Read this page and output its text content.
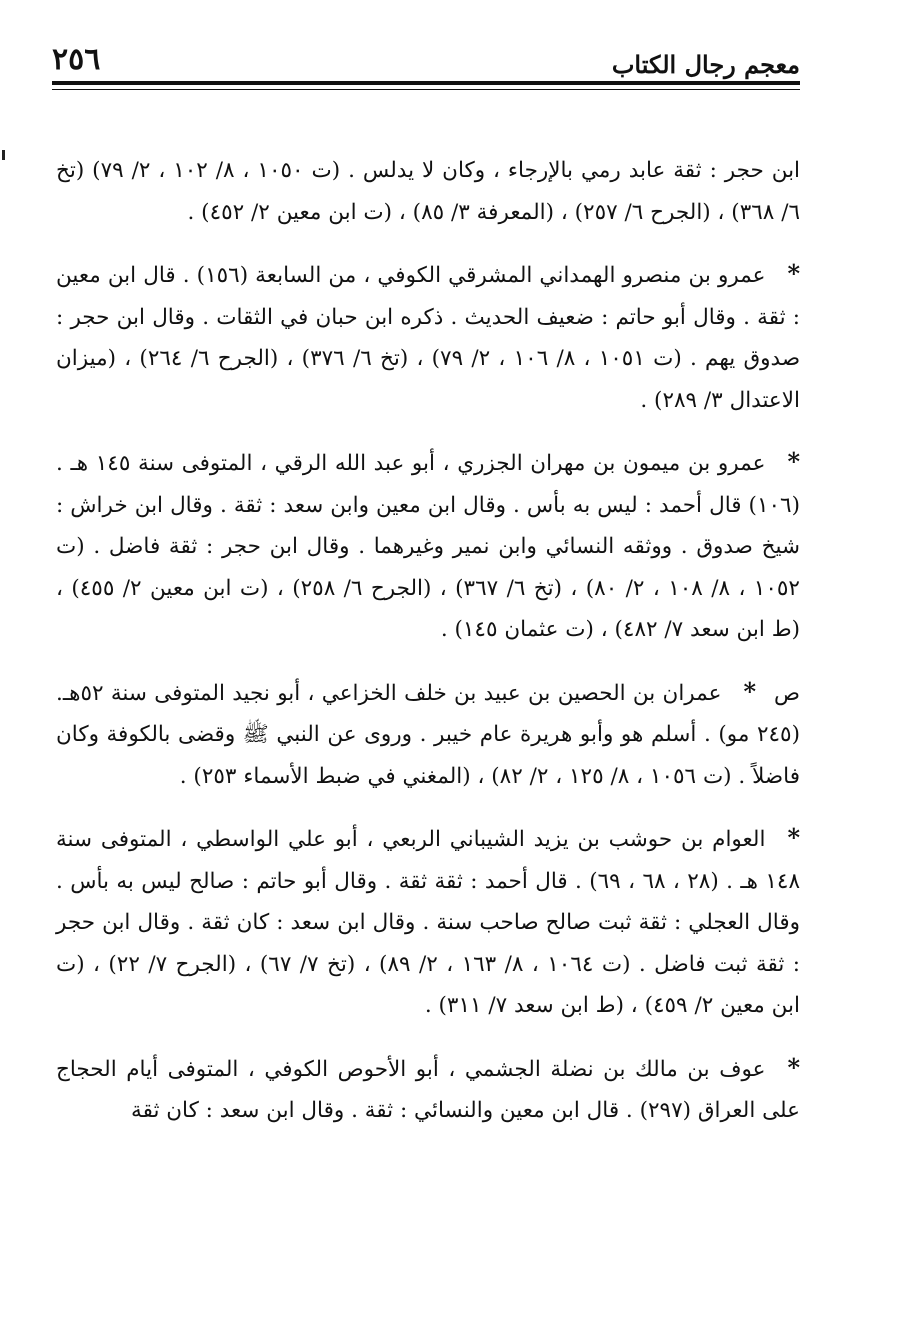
٢٥٦	معجم رجال الكتاب

ابن حجر : ثقة عابد رمي بالإرجاء ، وكان لا يدلس . (ت ١٠٥٠ ، ٨/ ١٠٢ ، ٢/ ٧٩) (تخ ٦/ ٣٦٨) ، (الجرح ٦/ ٢٥٧) ، (المعرفة ٣/ ٨٥) ، (ت ابن معين ٢/ ٤٥٢) .

*عمرو بن منصرو الهمداني المشرقي الكوفي ، من السابعة (١٥٦) . قال ابن معين : ثقة . وقال أبو حاتم : ضعيف الحديث . ذكره ابن حبان في الثقات . وقال ابن حجر : صدوق يهم . (ت ١٠٥١ ، ٨/ ١٠٦ ، ٢/ ٧٩) ، (تخ ٦/ ٣٧٦) ، (الجرح ٦/ ٢٦٤) ، (ميزان الاعتدال ٣/ ٢٨٩) .

*عمرو بن ميمون بن مهران الجزري ، أبو عبد الله الرقي ، المتوفى سنة ١٤٥ هـ . (١٠٦) قال أحمد : ليس به بأس . وقال ابن معين وابن سعد : ثقة . وقال ابن خراش : شيخ صدوق . ووثقه النسائي وابن نمير وغيرهما . وقال ابن حجر : ثقة فاضل . (ت ١٠٥٢ ، ٨/ ١٠٨ ، ٢/ ٨٠) ، (تخ ٦/ ٣٦٧) ، (الجرح ٦/ ٢٥٨) ، (ت ابن معين ٢/ ٤٥٥) ، (ط ابن سعد ٧/ ٤٨٢) ، (ت عثمان ١٤٥) .

ص*عمران بن الحصين بن عبيد بن خلف الخزاعي ، أبو نجيد المتوفى سنة ٥٢هـ. (٢٤٥ مو) . أسلم هو وأبو هريرة عام خيبر . وروى عن النبي ﷺ وقضى بالكوفة وكان فاضلاً . (ت ١٠٥٦ ، ٨/ ١٢٥ ، ٢/ ٨٢) ، (المغني في ضبط الأسماء ٢٥٣) .

*العوام بن حوشب بن يزيد الشيباني الربعي ، أبو علي الواسطي ، المتوفى سنة ١٤٨ هـ . (٢٨ ، ٦٨ ، ٦٩) . قال أحمد : ثقة ثقة . وقال أبو حاتم : صالح ليس به بأس . وقال العجلي : ثقة ثبت صالح صاحب سنة . وقال ابن سعد : كان ثقة . وقال ابن حجر : ثقة ثبت فاضل . (ت ١٠٦٤ ، ٨/ ١٦٣ ، ٢/ ٨٩) ، (تخ ٧/ ٦٧) ، (الجرح ٧/ ٢٢) ، (ت ابن معين ٢/ ٤٥٩) ، (ط ابن سعد ٧/ ٣١١) .

*عوف بن مالك بن نضلة الجشمي ، أبو الأحوص الكوفي ، المتوفى أيام الحجاج على العراق (٢٩٧) . قال ابن معين والنسائي : ثقة . وقال ابن سعد : كان ثقة
